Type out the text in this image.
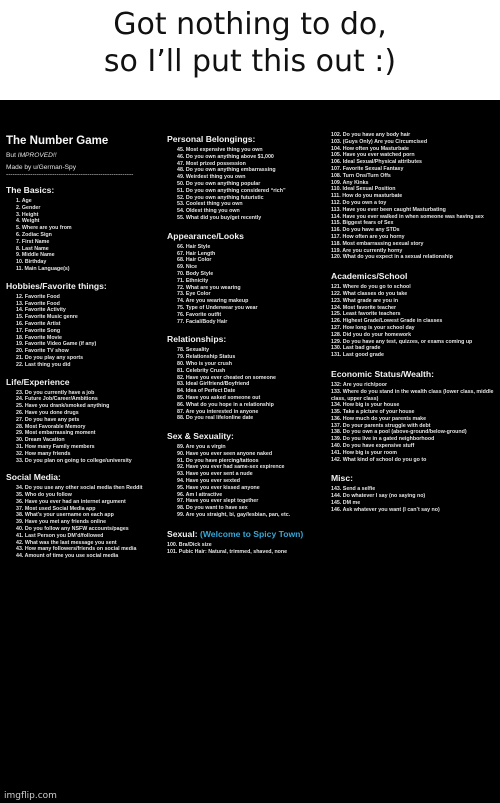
Got nothing to do,
so I’ll put this out :)
The Number Game
But IMPROVED!!
Made by u/German-Spy
----------------------------------------------------------
The Basics:
1. Age
2. Gender
3. Height
4. Weight
5. Where are you from
6. Zodiac Sign
7. First Name
8. Last Name
9. Middle Name
10. Birthday
11. Main Language(s)
Hobbies/Favorite things:
12. Favorite Food
13. Favorite Food
14. Favorite Activity
15. Favorite Music genre
16. Favorite Artist
17. Favorite Song
18. Favorite Movie
19. Favorite Video Game (if any)
20. Favorite TV show
21. Do you play any sports
22. Last thing you did
Life/Experience
23. Do you currently have a job
24. Future Job/Career/Ambitions
25. Have you drank/smoked anything
26. Have you done drugs
27. Do you have any pets
28. Most Favorable Memory
29. Most embarrassing moment
30. Dream Vacation
31. How many Family members
32. How many friends
33. Do you plan on going to college/university
Social Media:
34. Do you use any other social media then Reddit
35. Who do you follow
36. Have you ever had an internet argument
37. Most used Social Media app
38. What’s your username on each app
39. Have you met any friends online
40. Do you follow any NSFW accounts/pages
41. Last Person you DM’d/followed
42. What was the last message you sent
43. How many followers/friends on social media
44. Amount of time you use social media
Personal Belongings:
45. Most expensive thing you own
46. Do you own anything above $1,000
47. Most prized possession
48. Do you own anything embarrassing
49. Weirdest thing you own
50. Do you own anything popular
51. Do you own anything considered “rich”
52. Do you own anything futuristic
53. Coolest thing you own
54. Oldest thing you own
55. What did you buy/get recently
Appearance/Looks
66. Hair Style
67. Hair Length
68. Hair Color
69. Nice
70. Body Style
71. Ethnicity
72. What are you wearing
73. Eye Color
74. Are you wearing makeup
75. Type of Underwear you wear
76. Favorite outfit
77. Facial/Body Hair
Relationships:
78. Sexuality
79. Relationship Status
80. Who is your crush
81. Celebrity Crush
82. Have you ever cheated on someone
83. Ideal Girlfriend/Boyfriend
84. Idea of Perfect Date
85. Have you asked someone out
86. What do you hope in a relationship
87. Are you interested in anyone
88. Do you real life/online date
Sex & Sexuality:
89. Are you a virgin
90. Have you ever seen anyone naked
91. Do you have piercing/tattoos
92. Have you ever had same-sex expirence
93. Have you ever sent a nude
94. Have you ever sexted
95. Have you ever kissed anyone
96. Am I attractive
97. Have you ever slept together
98. Do you want to have sex
99. Are you straight, bi, gay/lesbian, pan, etc.
Sexual: (Welcome to Spicy Town)
100. Bra/Dick size
101. Pubic Hair: Natural, trimmed, shaved, none
102. Do you have any body hair
103. (Guys Only) Are you Circumcised
104. How often you Masturbate
105. Have you ever watched porn
106. Ideal Sexual/Physical attributes
107. Favorite Sexual Fantasy
108. Turn Ons/Turn Offs
109. Any Kinks
110. Ideal Sexual Position
111. How do you masturbate
112. Do you own a toy
113. Have you ever been caught Masturbating
114. Have you ever walked in when someone was having sex
115. Biggest fears of Sex
116. Do you have any STDs
117. How often are you horny
118. Most embarrassing sexual story
119. Are you currently horny
120. What do you expect in a sexual relationship
Academics/School
121. Where do you go to school
122. What classes do you take
123. What grade are you in
124. Most favorite teacher
125. Least favorite teachers
126. Highest Grade/Lowest Grade in classes
127. How long is your school day
128. Did you do your homework
129. Do you have any test, quizzes, or exams coming up
130. Last bad grade
131. Last good grade
Economic Status/Wealth:
132: Are you rich/poor
133. Where do you stand in the wealth class (lower class, middle class, upper class)
134. How big is your house
135. Take a picture of your house
136. How much do your parents make
137. Do your parents struggle with debt
138. Do you own a pool (above-ground/below-ground)
139. Do you live in a gated neighborhood
140. Do you have expensive stuff
141. How big is your room
142. What kind of school do you go to
Misc:
143. Send a selfie
144. Do whatever I say (no saying no)
145. DM me
146. Ask whatever you want (I can’t say no)
imgflip.com
